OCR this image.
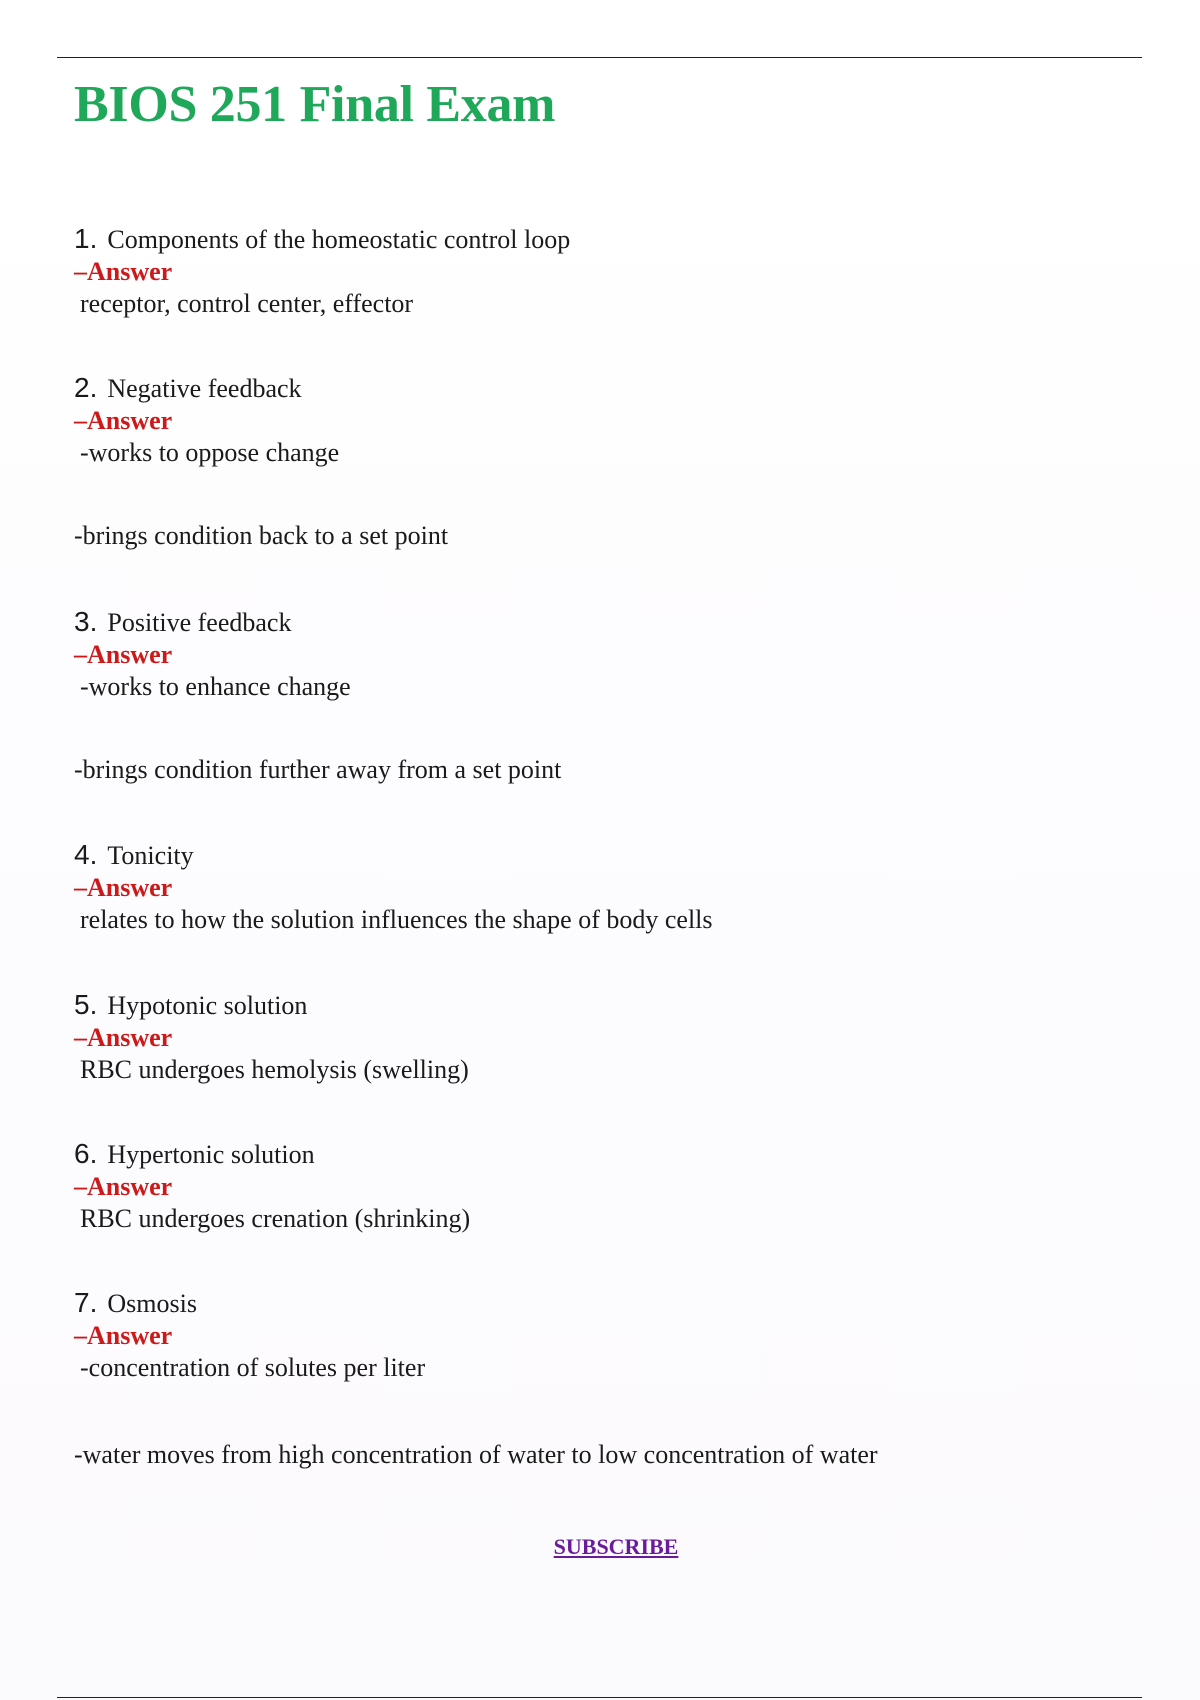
BIOS 251 Final Exam
1. Components of the homeostatic control loop
–Answer
receptor, control center, effector
2. Negative feedback
–Answer
-works to oppose change
-brings condition back to a set point
3. Positive feedback
–Answer
-works to enhance change
-brings condition further away from a set point
4. Tonicity
–Answer
relates to how the solution influences the shape of body cells
5. Hypotonic solution
–Answer
RBC undergoes hemolysis (swelling)
6. Hypertonic solution
–Answer
RBC undergoes crenation (shrinking)
7. Osmosis
–Answer
-concentration of solutes per liter
-water moves from high concentration of water to low concentration of water
SUBSCRIBE
